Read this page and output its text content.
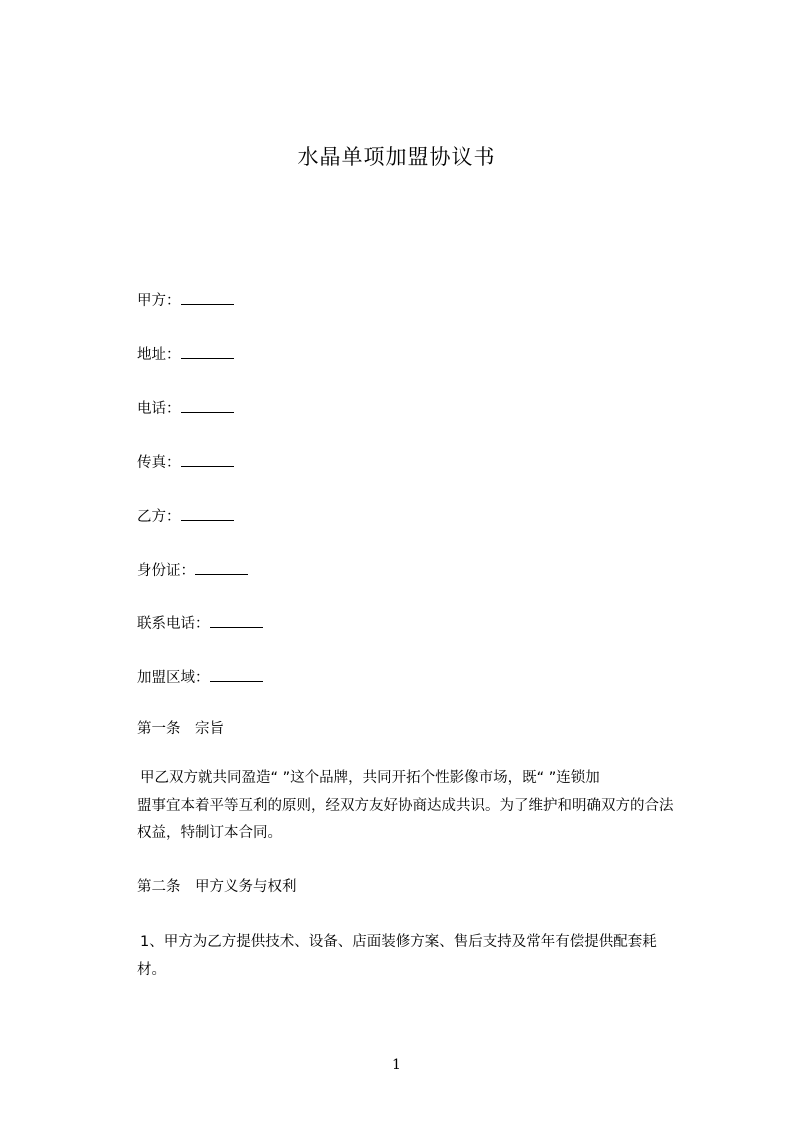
水晶单项加盟协议书
甲方：
地址：
电话：
传真：
乙方：
身份证：
联系电话：
加盟区域：
第一条　宗旨
甲乙双方就共同盈造“ ”这个品牌，共同开拓个性影像市场，既“ ”连锁加
盟事宜本着平等互利的原则，经双方友好协商达成共识。为了维护和明确双方的合法
权益，特制订本合同。
第二条　甲方义务与权利
1、甲方为乙方提供技术、设备、店面装修方案、售后支持及常年有偿提供配套耗
材。
1
